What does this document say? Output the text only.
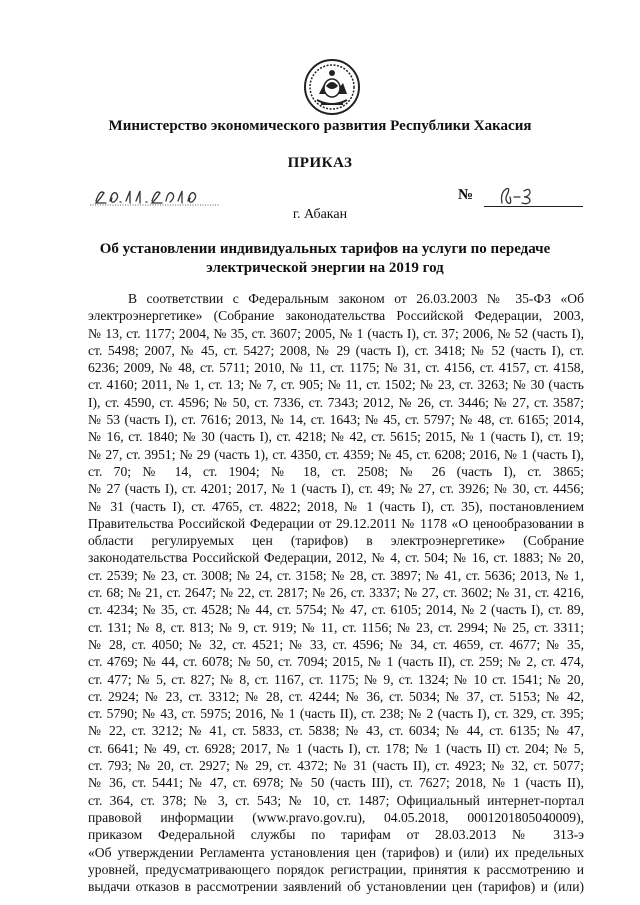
Министерство экономического развития Республики Хакасия
ПРИКАЗ
№
г. Абакан
Об установлении индивидуальных тарифов на услуги по передаче
электрической энергии на 2019 год
В соответствии с Федеральным законом от 26.03.2003 № 35-ФЗ «Об
электроэнергетике» (Собрание законодательства Российской Федерации, 2003,
№ 13, ст. 1177; 2004, № 35, ст. 3607; 2005, № 1 (часть I), ст. 37; 2006, № 52 (часть I),
ст. 5498; 2007, № 45, ст. 5427; 2008, № 29 (часть I), ст. 3418; № 52 (часть I), ст.
6236; 2009, № 48, ст. 5711; 2010, № 11, ст. 1175; № 31, ст. 4156, ст. 4157, ст. 4158,
ст. 4160; 2011, № 1, ст. 13; № 7, ст. 905; № 11, ст. 1502; № 23, ст. 3263; № 30 (часть
I), ст. 4590, ст. 4596; № 50, ст. 7336, ст. 7343; 2012, № 26, ст. 3446; № 27, ст. 3587;
№ 53 (часть I), ст. 7616; 2013, № 14, ст. 1643; № 45, ст. 5797; № 48, ст. 6165; 2014,
№ 16, ст. 1840; № 30 (часть I), ст. 4218; № 42, ст. 5615; 2015, № 1 (часть I), ст. 19;
№ 27, ст. 3951; № 29 (часть 1), ст. 4350, ст. 4359; № 45, ст. 6208; 2016, № 1 (часть I),
ст. 70; № 14, ст. 1904; № 18, ст. 2508; № 26 (часть I), ст. 3865;
№ 27 (часть I), ст. 4201; 2017, № 1 (часть I), ст. 49; № 27, ст. 3926; № 30, ст. 4456;
№ 31 (часть I), ст. 4765, ст. 4822; 2018, № 1 (часть I), ст. 35), постановлением
Правительства Российской Федерации от 29.12.2011 № 1178 «О ценообразовании в
области регулируемых цен (тарифов) в электроэнергетике» (Собрание
законодательства Российской Федерации, 2012, № 4, ст. 504; № 16, ст. 1883; № 20,
ст. 2539; № 23, ст. 3008; № 24, ст. 3158; № 28, ст. 3897; № 41, ст. 5636; 2013, № 1,
ст. 68; № 21, ст. 2647; № 22, ст. 2817; № 26, ст. 3337; № 27, ст. 3602; № 31, ст. 4216,
ст. 4234; № 35, ст. 4528; № 44, ст. 5754; № 47, ст. 6105; 2014, № 2 (часть I), ст. 89,
ст. 131; № 8, ст. 813; № 9, ст. 919; № 11, ст. 1156; № 23, ст. 2994; № 25, ст. 3311;
№ 28, ст. 4050; № 32, ст. 4521; № 33, ст. 4596; № 34, ст. 4659, ст. 4677; № 35,
ст. 4769; № 44, ст. 6078; № 50, ст. 7094; 2015, № 1 (часть II), ст. 259; № 2, ст. 474,
ст. 477; № 5, ст. 827; № 8, ст. 1167, ст. 1175; № 9, ст. 1324; № 10 ст. 1541; № 20,
ст. 2924; № 23, ст. 3312; № 28, ст. 4244; № 36, ст. 5034; № 37, ст. 5153; № 42,
ст. 5790; № 43, ст. 5975; 2016, № 1 (часть II), ст. 238; № 2 (часть I), ст. 329, ст. 395;
№ 22, ст. 3212; № 41, ст. 5833, ст. 5838; № 43, ст. 6034; № 44, ст. 6135; № 47,
ст. 6641; № 49, ст. 6928; 2017, № 1 (часть I), ст. 178; № 1 (часть II) ст. 204; № 5,
ст. 793; № 20, ст. 2927; № 29, ст. 4372; № 31 (часть II), ст. 4923; № 32, ст. 5077;
№ 36, ст. 5441; № 47, ст. 6978; № 50 (часть III), ст. 7627; 2018, № 1 (часть II),
ст. 364, ст. 378; № 3, ст. 543; № 10, ст. 1487; Официальный интернет-портал
правовой информации (www.pravo.gov.ru), 04.05.2018, 0001201805040009),
приказом Федеральной службы по тарифам от 28.03.2013 № 313-э
«Об утверждении Регламента установления цен (тарифов) и (или) их предельных
уровней, предусматривающего порядок регистрации, принятия к рассмотрению и
выдачи отказов в рассмотрении заявлений об установлении цен (тарифов) и (или)
